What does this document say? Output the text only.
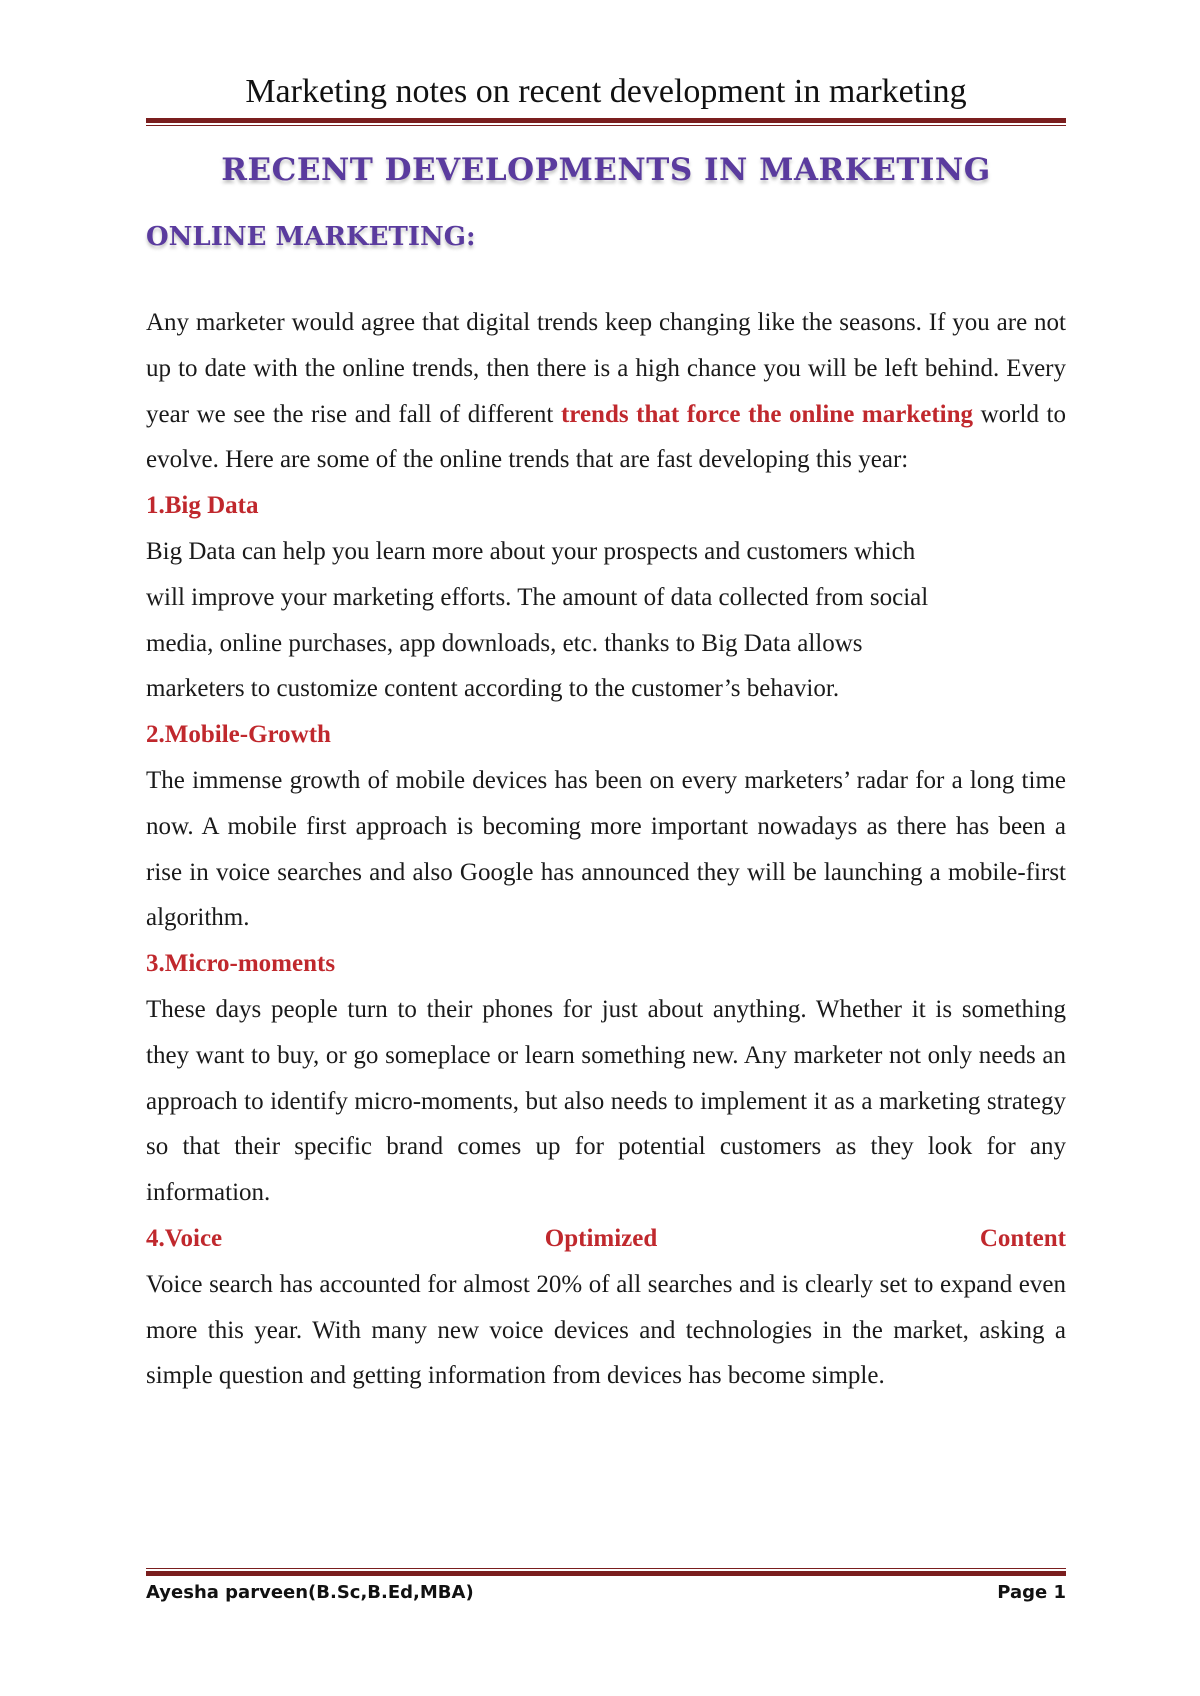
Marketing notes on recent development in marketing
RECENT DEVELOPMENTS IN MARKETING
ONLINE MARKETING:

Any marketer would agree that digital trends keep changing like the seasons. If you are not up to date with the online trends, then there is a high chance you will be left behind. Every year we see the rise and fall of different trends that force the online marketing world to evolve. Here are some of the online trends that are fast developing this year:

1.Big Data
Big Data can help you learn more about your prospects and customers which
will improve your marketing efforts. The amount of data collected from social
media, online purchases, app downloads, etc. thanks to Big Data allows
marketers to customize content according to the customer’s behavior.
2.Mobile-Growth

The immense growth of mobile devices has been on every marketers’ radar for a long time now. A mobile first approach is becoming more important nowadays as there has been a rise in voice searches and also Google has announced they will be launching a mobile-first algorithm.

3.Micro-moments

These days people turn to their phones for just about anything. Whether it is something they want to buy, or go someplace or learn something new. Any marketer not only needs an approach to identify micro-moments, but also needs to implement it as a marketing strategy so that their specific brand comes up for potential customers as they look for any information.

4.Voice	Optimized	Content

Voice search has accounted for almost 20% of all searches and is clearly set to expand even more this year. With many new voice devices and technologies in the market, asking a simple question and getting information from devices has become simple.

Ayesha parveen(B.Sc,B.Ed,MBA)	Page 1
